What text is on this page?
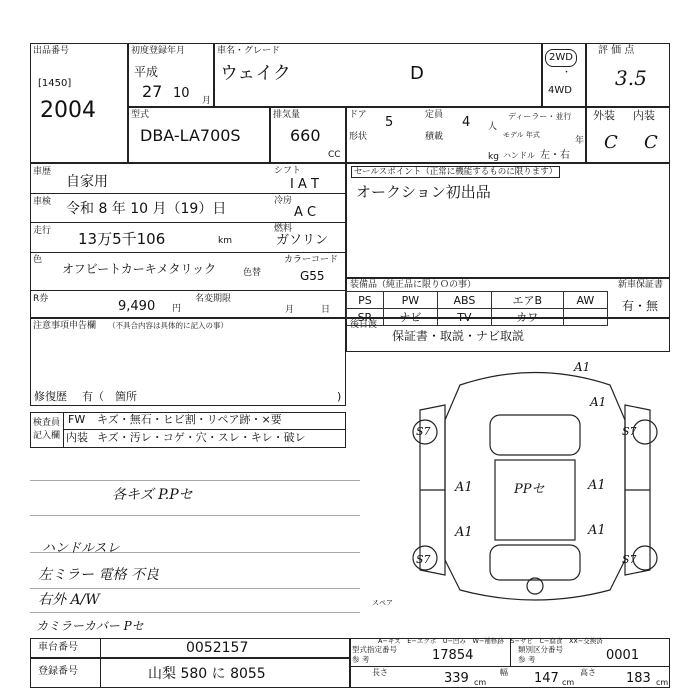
出品番号
[1450]
2004
初度登録年月
平成
27 10 月
車名・グレード
ウェイク	D
2WD
・
4WD
評 価 点
3.5
型式
DBA-LA700S
排気量
660
CC
ドア 5	定員 4 人
ディーラー・並行
形状	積載
kg
モデル 年式
年
ハンドル 左・右
外装 内装
C C
車歴
自家用
シフト
I A T
車検 令和 8 年 10 月（19）日	冷房
A C
走行 13万5千106	km
燃料
ガソリン
色
オフビートカーキメタリック	色替
カラーコード
G55
R券	9,490 円
名変期限
月　　　日
セールスポイント（正常に機能するものに限ります）
オークション初出品
装備品（純正品に限りＯの事）	新車保証書
PS	PW	ABS	エアB	AW
SR	ナビ	TV	カワ	
有・無
後日渡
保証書・取説・ナビ取説
注意事項申告欄 （不具合内容は具体的に記入の事）
修復歴 有（　箇所	)
検査員
記入欄
FW キズ・無石・ヒビ割・リペア跡・×要
内装 キズ・汚レ・コゲ・穴・スレ・キレ・破レ
各キズ P.Pセ
ハンドルスレ
左ミラー 電格 不良
右外 A/W
カミラーカバー Pセ
A1
A1
A1	A1
A1	A1
S7	S7
S7	S7
PPセ
スペア
A−キズ　E−エクボ　U−凹み　W−補修跡　S−サビ　C−腐食　XX−交換済
車台番号	0052157
登録番号	山梨 580 に 8055
型式指定番号 参 考	17854	類別区分番号 参 考	0001
長さ	339 cm
幅 147 cm
高さ 183 cm
